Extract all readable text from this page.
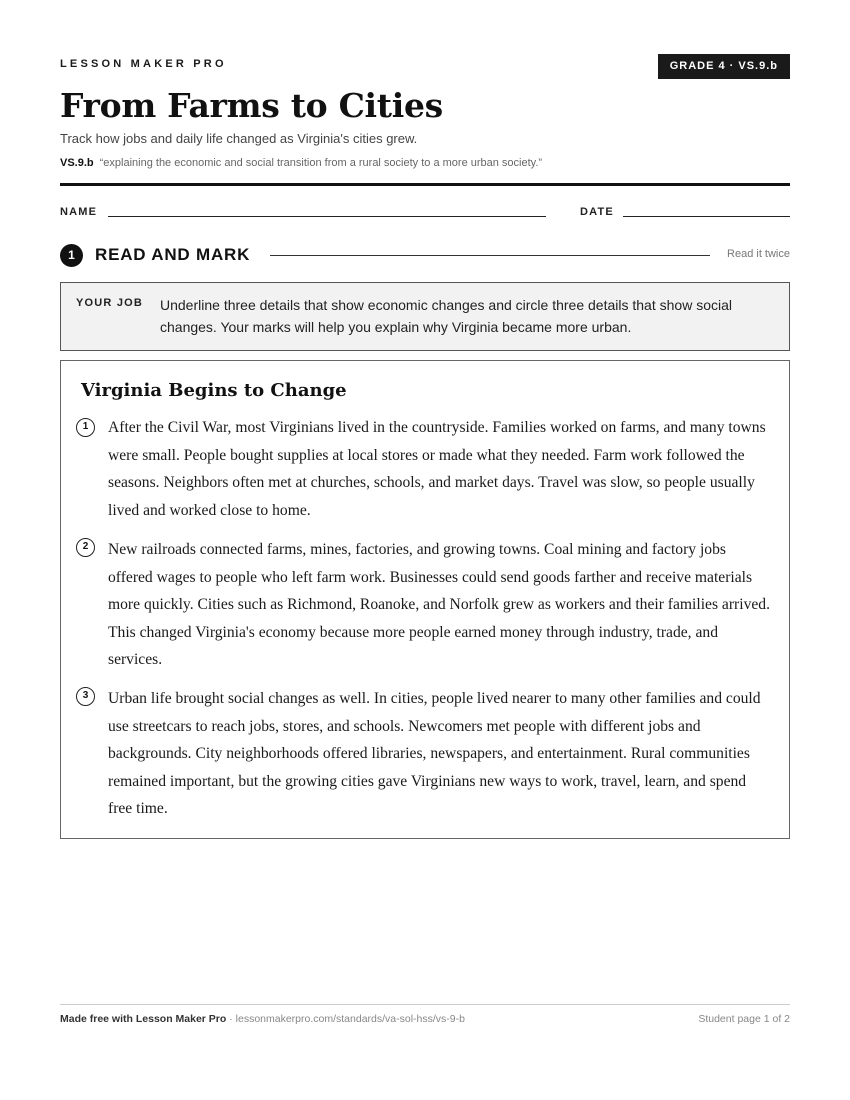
LESSON MAKER PRO	GRADE 4 · VS.9.b
From Farms to Cities
Track how jobs and daily life changed as Virginia's cities grew.
VS.9.b “explaining the economic and social transition from a rural society to a more urban society.”
NAME	DATE
1	READ AND MARK	Read it twice
YOUR JOB Underline three details that show economic changes and circle three details that show social changes. Your marks will help you explain why Virginia became more urban.
Virginia Begins to Change
1	After the Civil War, most Virginians lived in the countryside. Families worked on farms, and many towns were small. People bought supplies at local stores or made what they needed. Farm work followed the seasons. Neighbors often met at churches, schools, and market days. Travel was slow, so people usually lived and worked close to home.

2	New railroads connected farms, mines, factories, and growing towns. Coal mining and factory jobs offered wages to people who left farm work. Businesses could send goods farther and receive materials more quickly. Cities such as Richmond, Roanoke, and Norfolk grew as workers and their families arrived. This changed Virginia's economy because more people earned money through industry, trade, and services.

3	Urban life brought social changes as well. In cities, people lived nearer to many other families and could use streetcars to reach jobs, stores, and schools. Newcomers met people with different jobs and backgrounds. City neighborhoods offered libraries, newspapers, and entertainment. Rural communities remained important, but the growing cities gave Virginians new ways to work, travel, learn, and spend free time.

Made free with Lesson Maker Pro · lessonmakerpro.com/standards/va-sol-hss/vs-9-b	Student page 1 of 2
